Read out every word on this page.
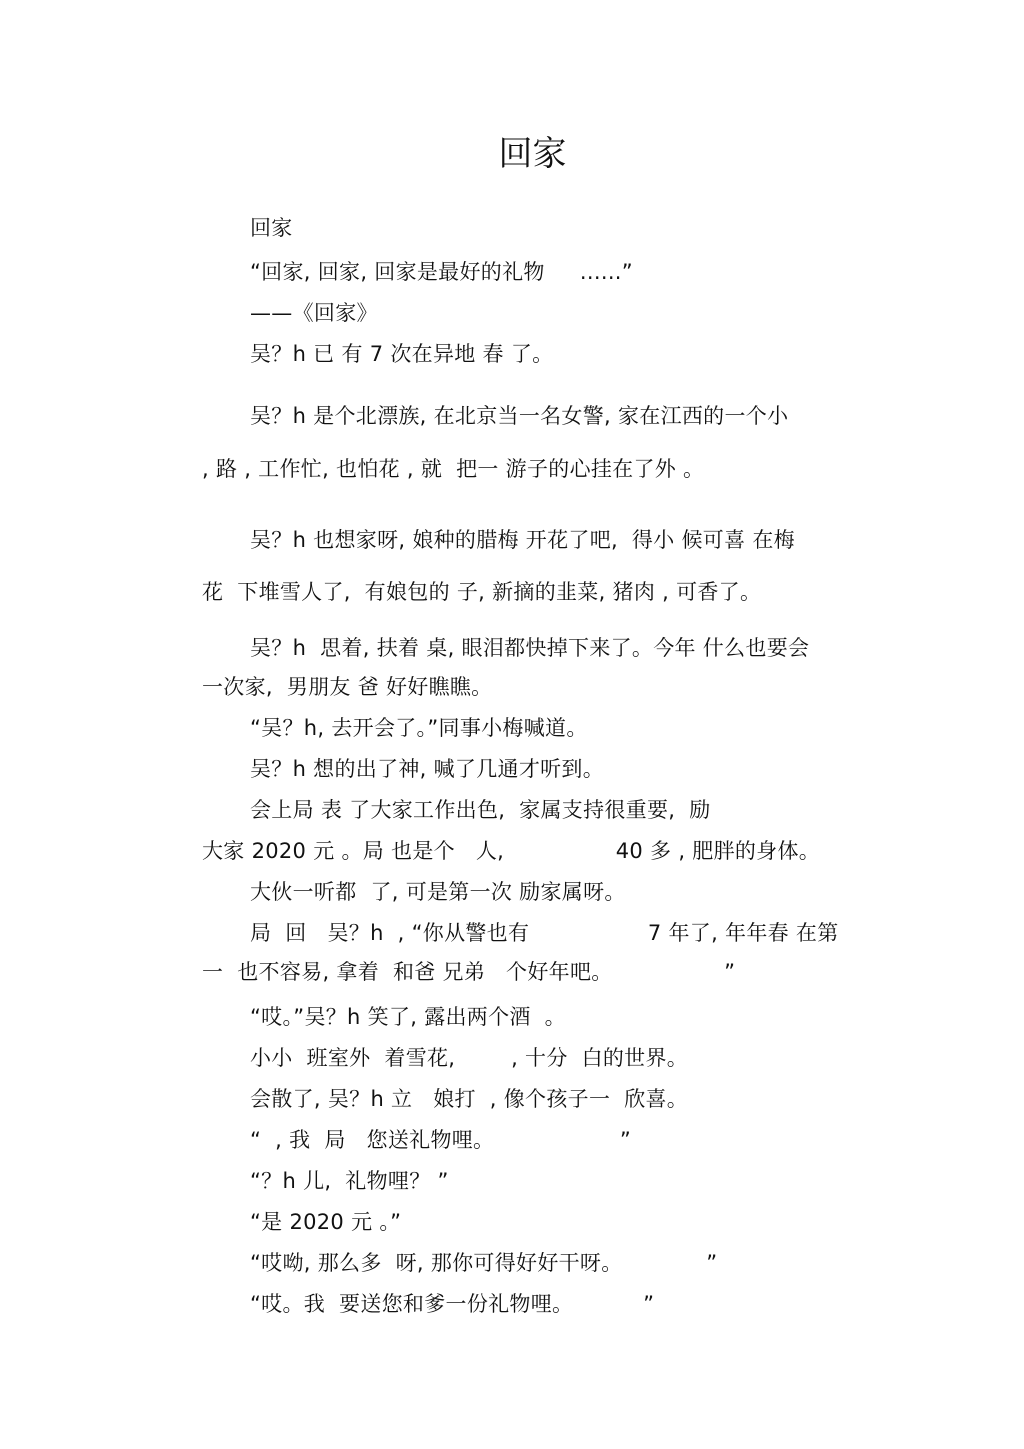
回家
回家
“回家, 回家, 回家是最好的礼物　  ......”
——《回家》
吴？h 已 有 7 次在异地 春 了。
吴？h 是个北漂族, 在北京当一名女警, 家在江西的一个小
, 路 , 工作忙, 也怕花 , 就  把一 游子的心挂在了外 。
吴？h 也想家呀, 娘种的腊梅 开花了吧,  得小 候可喜 在梅
花  下堆雪人了,  有娘包的 子, 新摘的韭菜, 猪肉 , 可香了。
吴？h  思着, 扶着 桌, 眼泪都快掉下来了。今年 什么也要会
一次家,  男朋友 爸 好好瞧瞧。
“吴？h, 去开会了。”同事小梅喊道。
吴？h 想的出了神, 喊了几通才听到。
会上局 表 了大家工作出色,  家属支持很重要,  励
大家 2020 元 。局 也是个   人,                40 多 , 肥胖的身体。
大伙一听都  了, 可是第一次 励家属呀。
局  回   吴？h  , “你从警也有                 7 年了, 年年春 在第
一  也不容易, 拿着  和爸 兄弟   个好年吧。                ”
“哎。”吴？h 笑了, 露出两个酒  。
小小  班室外  着雪花,        , 十分  白的世界。
会散了, 吴？h 立   娘打  , 像个孩子一  欣喜。
“  , 我  局   您送礼物哩。                  ”
“？h 儿,  礼物哩？ ”
“是 2020 元 。”
“哎呦, 那么多  呀, 那你可得好好干呀。            ”
“哎。我  要送您和爹一份礼物哩。          ”
